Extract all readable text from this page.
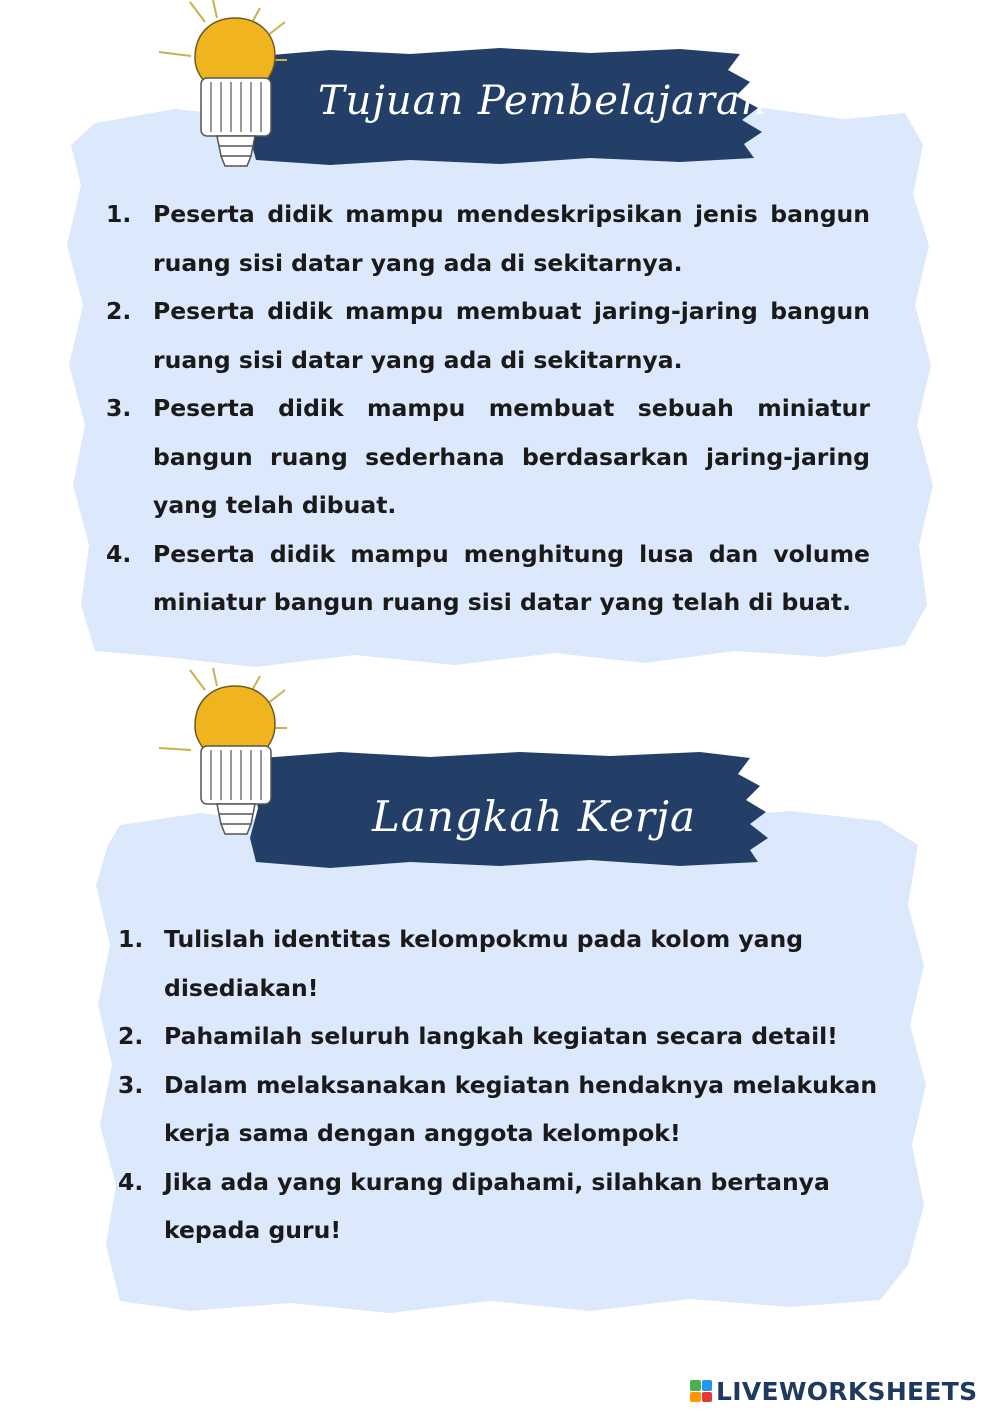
Tujuan Pembelajaran
1. Peserta didik mampu mendeskripsikan jenis bangun ruang sisi datar yang ada di sekitarnya.
2. Peserta didik mampu membuat jaring-jaring bangun ruang sisi datar yang ada di sekitarnya.
3. Peserta didik mampu membuat sebuah miniatur bangun ruang sederhana berdasarkan jaring-jaring yang telah dibuat.
4. Peserta didik mampu menghitung lusa dan volume miniatur bangun ruang sisi datar yang telah di buat.
Langkah Kerja
1. Tulislah identitas kelompokmu pada kolom yang disediakan!
2. Pahamilah seluruh langkah kegiatan secara detail!
3. Dalam melaksanakan kegiatan hendaknya melakukan kerja sama dengan anggota kelompok!
4. Jika ada yang kurang dipahami, silahkan bertanya kepada guru!
LIVEWORKSHEETS
